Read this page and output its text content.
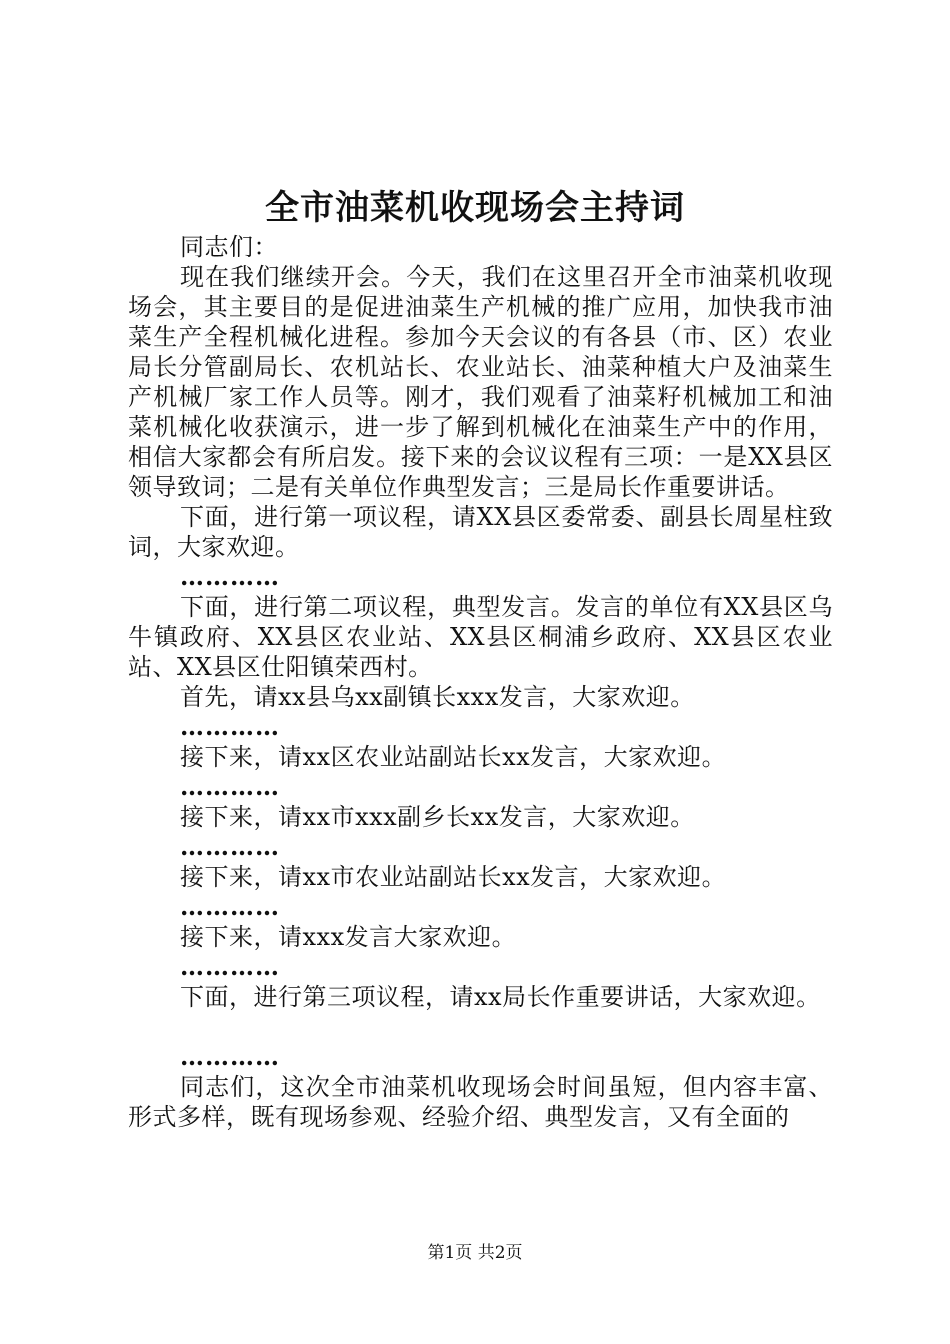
全市油菜机收现场会主持词

同志们：

现在我们继续开会。今天，我们在这里召开全市油菜机收现场会，其主要目的是促进油菜生产机械的推广应用，加快我市油菜生产全程机械化进程。参加今天会议的有各县（市、区）农业局长分管副局长、农机站长、农业站长、油菜种植大户及油菜生产机械厂家工作人员等。刚才，我们观看了油菜籽机械加工和油菜机械化收获演示，进一步了解到机械化在油菜生产中的作用，相信大家都会有所启发。接下来的会议议程有三项：一是XX县区领导致词；二是有关单位作典型发言；三是局长作重要讲话。

下面，进行第一项议程，请XX县区委常委、副县长周星柱致词，大家欢迎。

…………

下面，进行第二项议程，典型发言。发言的单位有XX县区乌牛镇政府、XX县区农业站、XX县区桐浦乡政府、XX县区农业站、XX县区仕阳镇荣西村。

首先，请xx县乌xx副镇长xxx发言，大家欢迎。

…………

接下来，请xx区农业站副站长xx发言，大家欢迎。

…………

接下来，请xx市xxx副乡长xx发言，大家欢迎。

…………

接下来，请xx市农业站副站长xx发言，大家欢迎。

…………

接下来，请xxx发言大家欢迎。

…………

下面，进行第三项议程，请xx局长作重要讲话，大家欢迎。

…………

同志们，这次全市油菜机收现场会时间虽短，但内容丰富、形式多样，既有现场参观、经验介绍、典型发言，又有全面的

第1页 共2页
